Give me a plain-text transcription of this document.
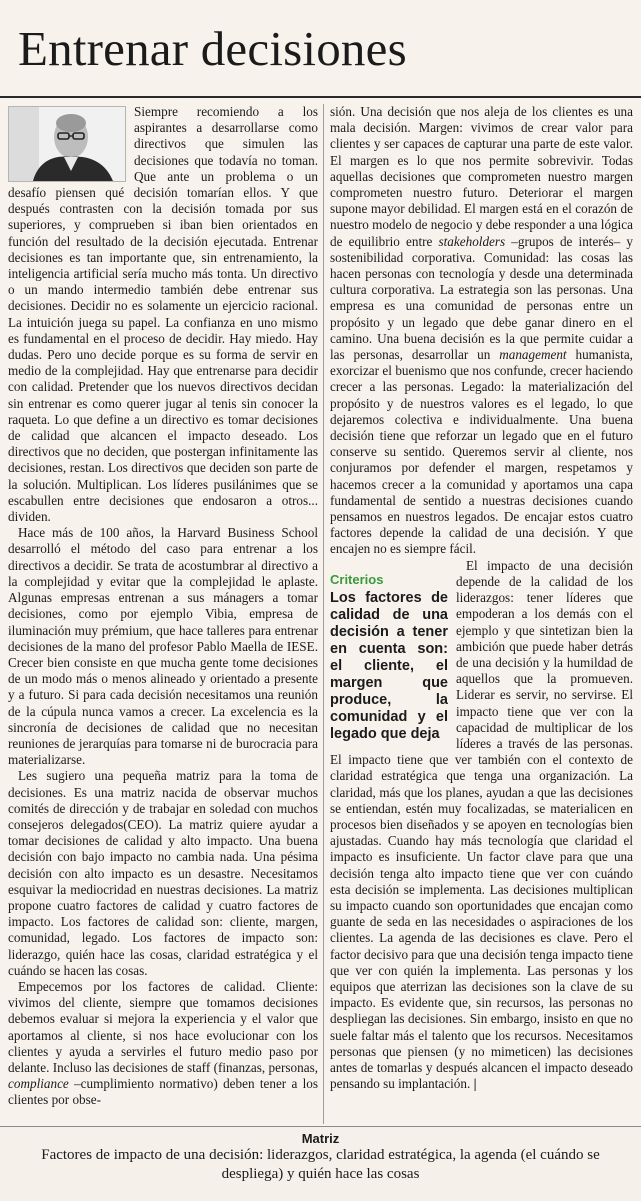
Entrenar decisiones

Siempre recomiendo a los aspirantes a desarrollarse como directivos que simulen las decisiones que todavía no toman. Que ante un problema o un desafío piensen qué decisión tomarían ellos. Y que después contrasten con la decisión tomada por sus superiores, y comprueben si iban bien orientados en función del resultado de la decisión ejecutada. Entrenar decisiones es tan importante que, sin entrenamiento, la inteligencia artificial sería mucho más tonta. Un directivo o un mando intermedio también debe entrenar sus decisiones. Decidir no es solamente un ejercicio racional. La intuición juega su papel. La confianza en uno mismo es fundamental en el proceso de decidir. Hay miedo. Hay dudas. Pero uno decide porque es su forma de servir en medio de la complejidad. Hay que entrenarse para decidir con calidad. Pretender que los nuevos directivos decidan sin entrenar es como querer jugar al tenis sin conocer la raqueta. Lo que define a un directivo es tomar decisiones de calidad que alcancen el impacto deseado. Los directivos que no deciden, que postergan infinitamente las decisiones, restan. Los directivos que deciden son parte de la solución. Multiplican. Los líderes pusilánimes que se escabullen entre decisiones que endosaron a otros... dividen.

Hace más de 100 años, la Harvard Business School desarrolló el método del caso para entrenar a los directivos a decidir. Se trata de acostumbrar al directivo a la complejidad y evitar que la complejidad le aplaste. Algunas empresas entrenan a sus mánagers a tomar decisiones, como por ejemplo Vibia, empresa de iluminación muy prémium, que hace talleres para entrenar decisiones de la mano del profesor Pablo Maella de IESE. Crecer bien consiste en que mucha gente tome decisiones de un modo más o menos alineado y orientado a presente y a futuro. Si para cada decisión necesitamos una reunión de la cúpula nunca vamos a crecer. La excelencia es la sincronía de decisiones de calidad que no necesitan reuniones de jerarquías para tomarse ni de burocracia para materializarse.

Les sugiero una pequeña matriz para la toma de decisiones. Es una matriz nacida de observar muchos comités de dirección y de trabajar en soledad con muchos consejeros delegados(CEO). La matriz quiere ayudar a tomar decisiones de calidad y alto impacto. Una buena decisión con bajo impacto no cambia nada. Una pésima decisión con alto impacto es un desastre. Necesitamos esquivar la mediocridad en nuestras decisiones. La matriz propone cuatro factores de calidad y cuatro factores de impacto. Los factores de calidad son: cliente, margen, comunidad, legado. Los factores de impacto son: liderazgo, quién hace las cosas, claridad estratégica y el cuándo se hacen las cosas.

Empecemos por los factores de calidad. Cliente: vivimos del cliente, siempre que tomamos decisiones debemos evaluar si mejora la experiencia y el valor que aportamos al cliente, si nos hace evolucionar con los clientes y ayuda a servirles el futuro medio paso por delante. Incluso las decisiones de staff (finanzas, personas, compliance –cumplimiento normativo) deben tener a los clientes por obse-

sión. Una decisión que nos aleja de los clientes es una mala decisión. Margen: vivimos de crear valor para clientes y ser capaces de capturar una parte de este valor. El margen es lo que nos permite sobrevivir. Todas aquellas decisiones que comprometen nuestro margen comprometen nuestro futuro. Deteriorar el margen supone mayor debilidad. El margen está en el corazón de nuestro modelo de negocio y debe responder a una lógica de equilibrio entre stakeholders –grupos de interés– y sostenibilidad corporativa. Comunidad: las cosas las hacen personas con tecnología y desde una determinada cultura corporativa. La estrategia son las personas. Una empresa es una comunidad de personas entre un propósito y un legado que debe ganar dinero en el camino. Una buena decisión es la que permite cuidar a las personas, desarrollar un management humanista, exorcizar el buenismo que nos confunde, crecer haciendo crecer a las personas. Legado: la materialización del propósito y de nuestros valores es el legado, lo que dejaremos colectiva e individualmente. Una buena decisión tiene que reforzar un legado que en el futuro conserve su sentido. Queremos servir al cliente, nos conjuramos por defender el margen, respetamos y hacemos crecer a la comunidad y aportamos una capa fundamental de sentido a nuestras decisiones cuando pensamos en nuestros legados. De encajar estos cuatro factores depende la calidad de una decisión. Y que encajen no es siempre fácil.

Criterios
Los factores de calidad de una decisión a tener en cuenta son: el cliente, el margen que produce, la comunidad y el legado que deja

El impacto de una decisión depende de la calidad de los liderazgos: tener líderes que empoderan a los demás con el ejemplo y que sintetizan bien la ambición que puede haber detrás de una decisión y la humildad de aquellos que la promueven. Liderar es servir, no servirse. El impacto tiene que ver con la capacidad de multiplicar de los líderes a través de las personas. El impacto tiene que ver también con el contexto de claridad estratégica que tenga una organización. La claridad, más que los planes, ayudan a que las decisiones se entiendan, estén muy focalizadas, se materialicen en procesos bien diseñados y se apoyen en tecnologías bien ajustadas. Cuando hay más tecnología que claridad el impacto es insuficiente. Un factor clave para que una decisión tenga alto impacto tiene que ver con cuándo esta decisión se implementa. Las decisiones multiplican su impacto cuando son oportunidades que encajan como guante de seda en las necesidades o aspiraciones de los clientes. La agenda de las decisiones es clave. Pero el factor decisivo para que una decisión tenga impacto tiene que ver con quién la implementa. Las personas y los equipos que aterrizan las decisiones son la clave de su impacto. Es evidente que, sin recursos, las personas no despliegan las decisiones. Sin embargo, insisto en que no suele faltar más el talento que los recursos. Necesitamos personas que piensen (y no mimeticen) las decisiones antes de tomarlas y después alcancen el impacto deseado pensando su implantación. |

Matriz
Factores de impacto de una decisión: liderazgos, claridad estratégica, la agenda (el cuándo se despliega) y quién hace las cosas
